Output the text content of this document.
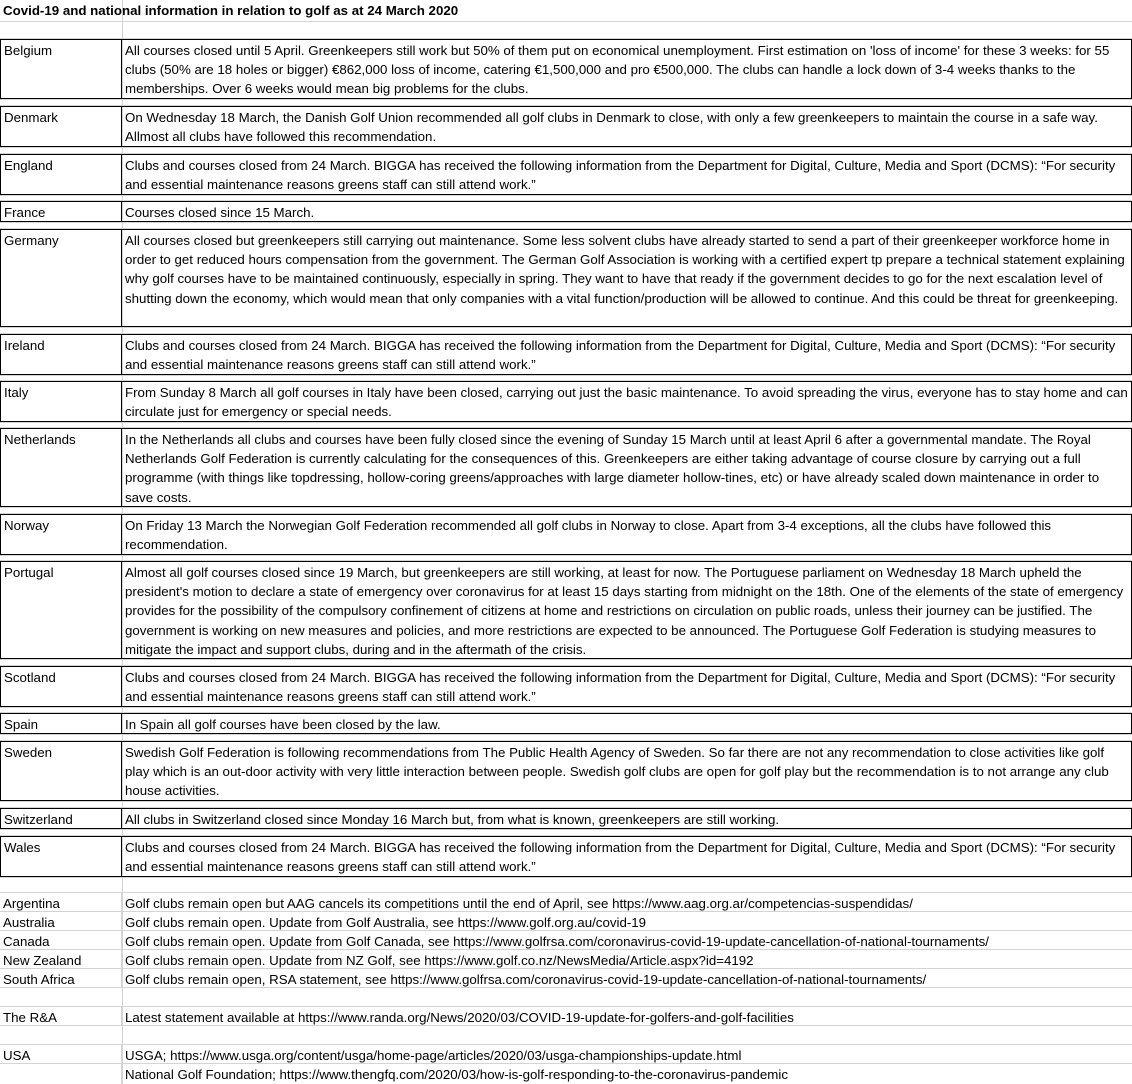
Covid-19 and national information in relation to golf as at 24 March 2020
Belgium	All courses closed until 5 April. Greenkeepers still work but 50% of them put on economical unemployment. First estimation on 'loss of income' for these 3 weeks: for 55 clubs (50% are 18 holes or bigger) €862,000 loss of income, catering €1,500,000 and pro €500,000. The clubs can handle a lock down of 3-4 weeks thanks to the memberships. Over 6 weeks would mean big problems for the clubs.
Denmark	On Wednesday 18 March, the Danish Golf Union recommended all golf clubs in Denmark to close, with only a few greenkeepers to maintain the course in a safe way. Allmost all clubs have followed this recommendation.
England	Clubs and courses closed from 24 March. BIGGA has received the following information from the Department for Digital, Culture, Media and Sport (DCMS): “For security and essential maintenance reasons greens staff can still attend work.”
France	Courses closed since 15 March.
Germany	All courses closed but greenkeepers still carrying out maintenance. Some less solvent clubs have already started to send a part of their greenkeeper workforce home in order to get reduced hours compensation from the government. The German Golf Association is working with a certified expert tp prepare a technical statement explaining why golf courses have to be maintained continuously, especially in spring. They want to have that ready if the government decides to go for the next escalation level of shutting down the economy, which would mean that only companies with a vital function/production will be allowed to continue. And this could be threat for greenkeeping.
Ireland	Clubs and courses closed from 24 March. BIGGA has received the following information from the Department for Digital, Culture, Media and Sport (DCMS): “For security and essential maintenance reasons greens staff can still attend work.”
Italy	From Sunday 8 March all golf courses in Italy have been closed, carrying out just the basic maintenance. To avoid spreading the virus, everyone has to stay home and can circulate just for emergency or special needs.
Netherlands	In the Netherlands all clubs and courses have been fully closed since the evening of Sunday 15 March until at least April 6 after a governmental mandate. The Royal Netherlands Golf Federation is currently calculating for the consequences of this. Greenkeepers are either taking advantage of course closure by carrying out a full programme (with things like topdressing, hollow-coring greens/approaches with large diameter hollow-tines, etc) or have already scaled down maintenance in order to save costs.
Norway	On Friday 13 March the Norwegian Golf Federation recommended all golf clubs in Norway to close. Apart from 3-4 exceptions, all the clubs have followed this recommendation.
Portugal	Almost all golf courses closed since 19 March, but greenkeepers are still working, at least for now. The Portuguese parliament on Wednesday 18 March upheld the president's motion to declare a state of emergency over coronavirus for at least 15 days starting from midnight on the 18th. One of the elements of the state of emergency provides for the possibility of the compulsory confinement of citizens at home and restrictions on circulation on public roads, unless their journey can be justified. The government is working on new measures and policies, and more restrictions are expected to be announced. The Portuguese Golf Federation is studying measures to mitigate the impact and support clubs, during and in the aftermath of the crisis.
Scotland	Clubs and courses closed from 24 March. BIGGA has received the following information from the Department for Digital, Culture, Media and Sport (DCMS): “For security and essential maintenance reasons greens staff can still attend work.”
Spain	In Spain all golf courses have been closed by the law.
Sweden	Swedish Golf Federation is following recommendations from The Public Health Agency of Sweden. So far there are not any recommendation to close activities like golf play which is an out-door activity with very little interaction between people. Swedish golf clubs are open for golf play but the recommendation is to not arrange any club house activities.
Switzerland	All clubs in Switzerland closed since Monday 16 March but, from what is known, greenkeepers are still working.
Wales	Clubs and courses closed from 24 March. BIGGA has received the following information from the Department for Digital, Culture, Media and Sport (DCMS): “For security and essential maintenance reasons greens staff can still attend work.”
Argentina	Golf clubs remain open but AAG cancels its competitions until the end of April, see https://www.aag.org.ar/competencias-suspendidas/
Australia	Golf clubs remain open. Update from Golf Australia, see https://www.golf.org.au/covid-19
Canada	Golf clubs remain open. Update from Golf Canada, see https://www.golfrsa.com/coronavirus-covid-19-update-cancellation-of-national-tournaments/
New Zealand	Golf clubs remain open. Update from NZ Golf, see https://www.golf.co.nz/NewsMedia/Article.aspx?id=4192
South Africa	Golf clubs remain open, RSA statement, see https://www.golfrsa.com/coronavirus-covid-19-update-cancellation-of-national-tournaments/
The R&A	Latest statement available at https://www.randa.org/News/2020/03/COVID-19-update-for-golfers-and-golf-facilities
USA	USGA; https://www.usga.org/content/usga/home-page/articles/2020/03/usga-championships-update.html
National Golf Foundation; https://www.thengfq.com/2020/03/how-is-golf-responding-to-the-coronavirus-pandemic
